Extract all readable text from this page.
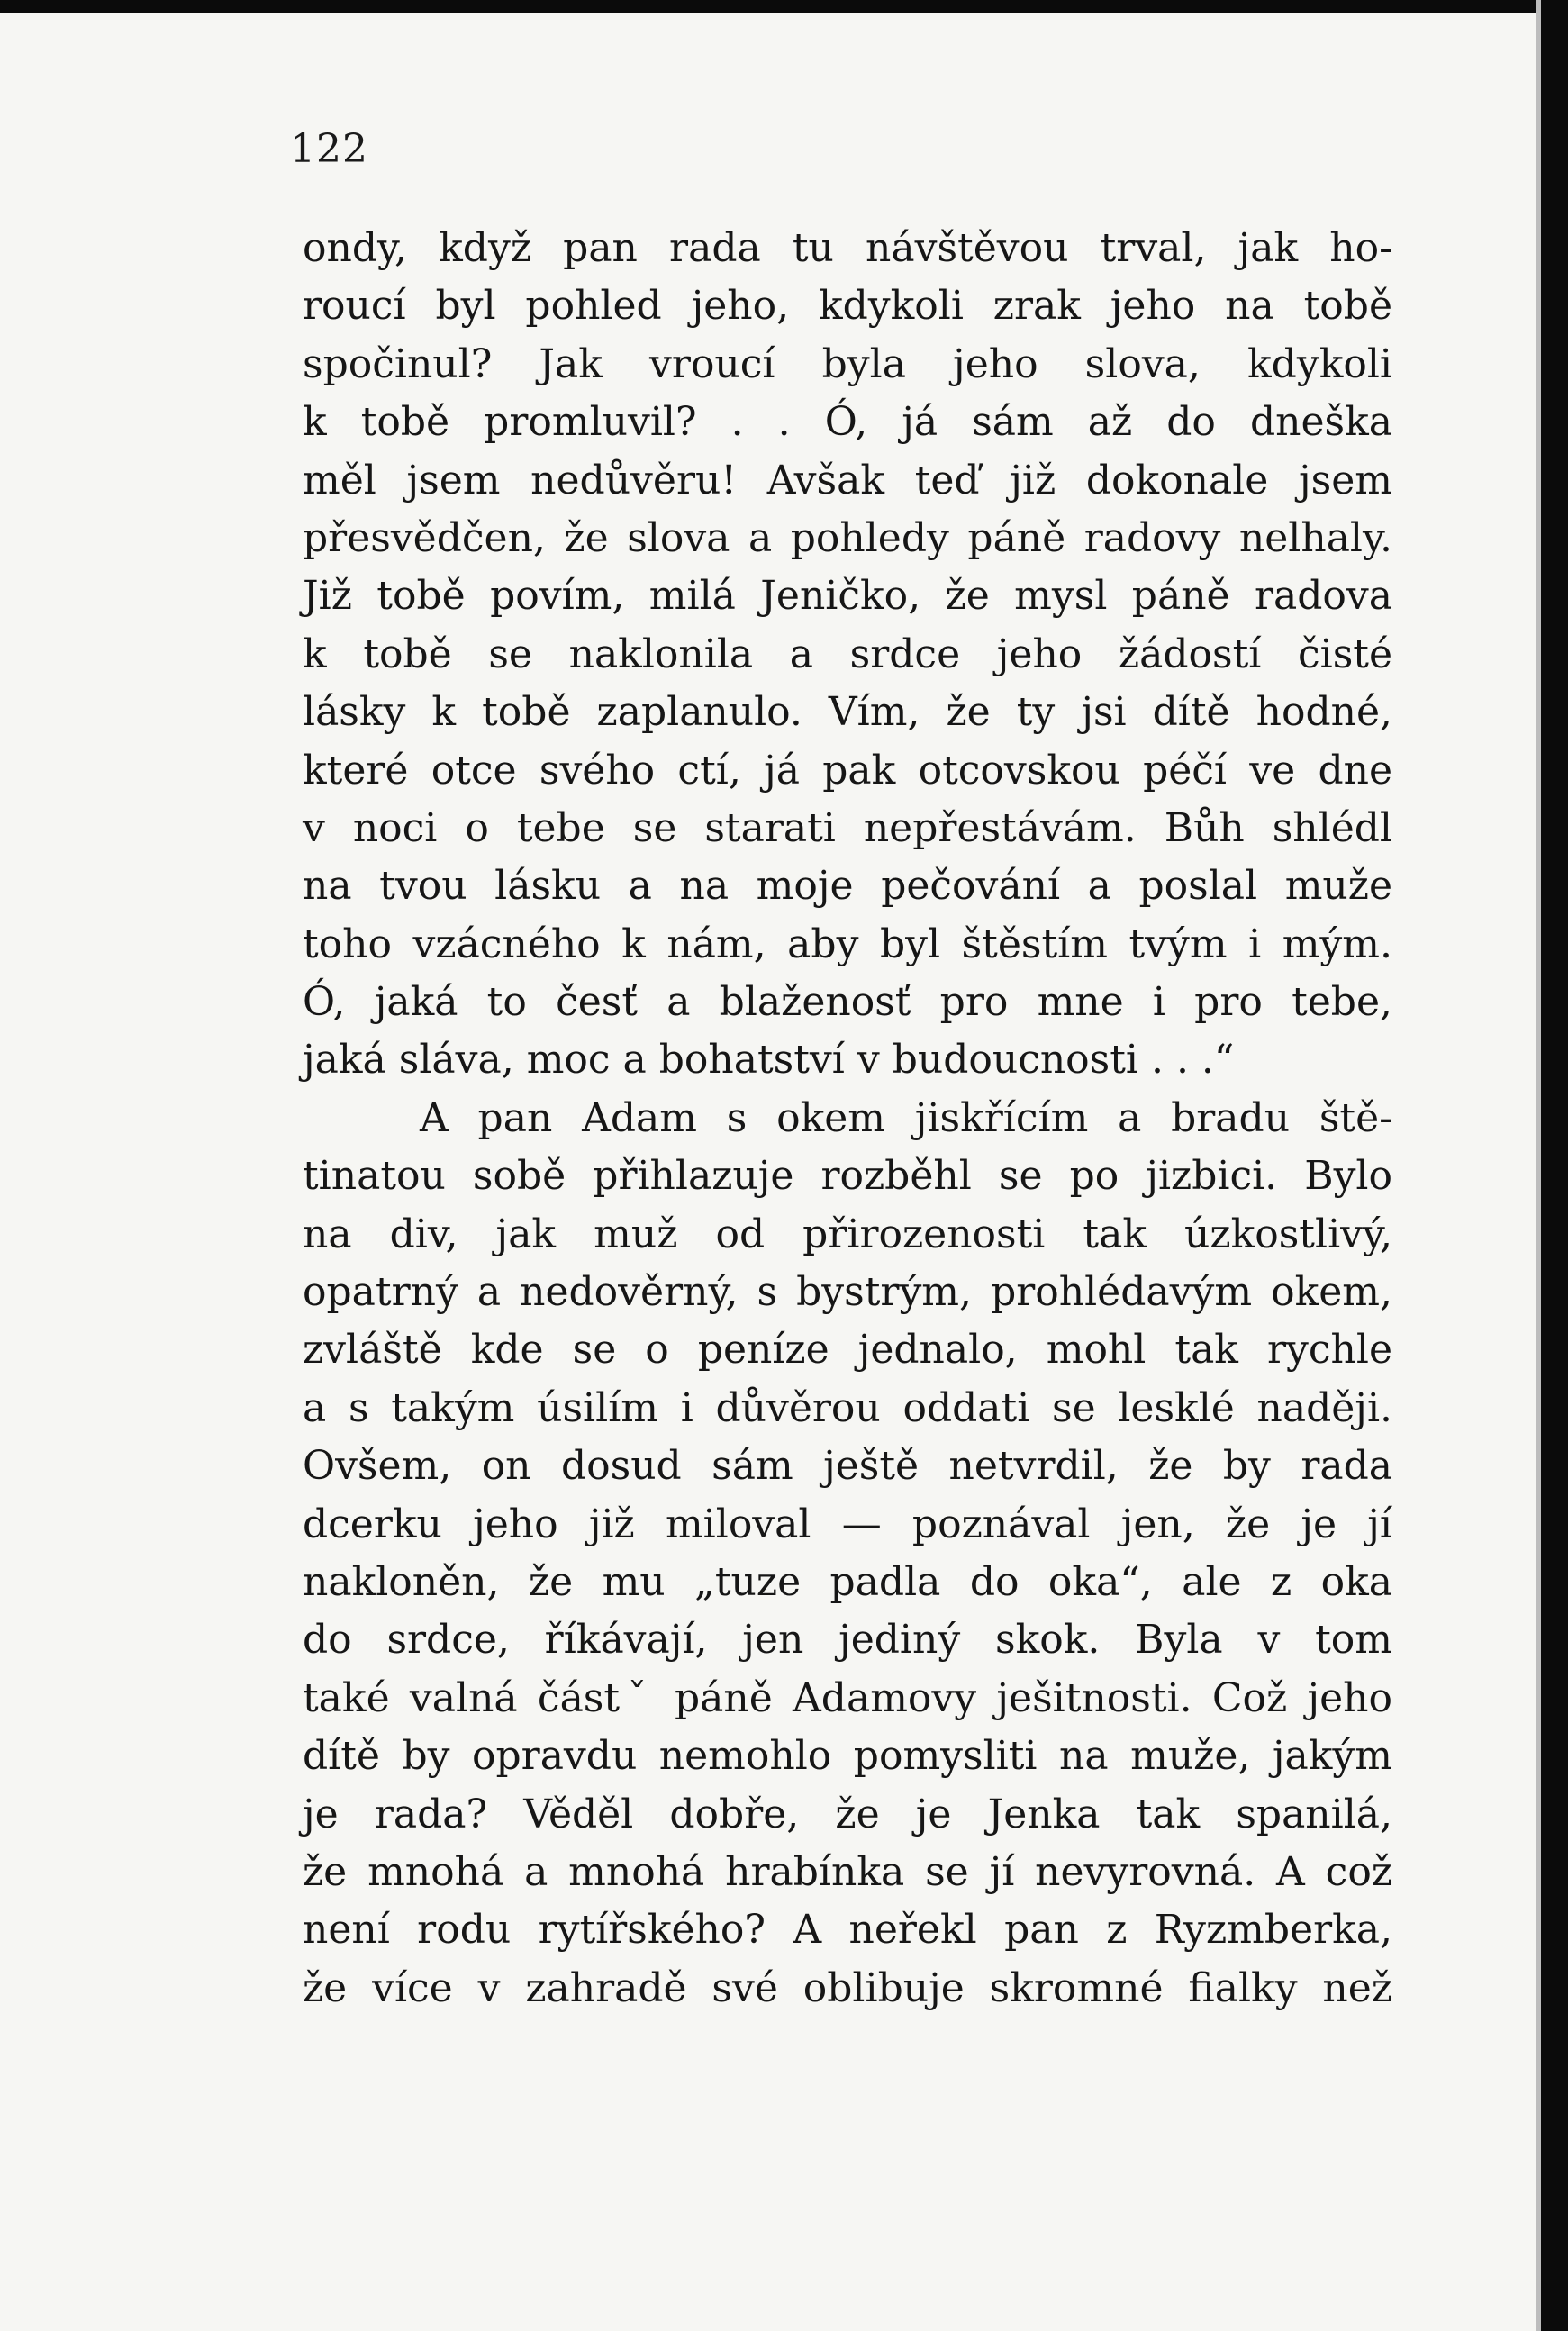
122
ondy, když pan rada tu návštěvou trval, jak ho-
roucí byl pohled jeho, kdykoli zrak jeho na tobě
spočinul? Jak vroucí byla jeho slova, kdykoli
k tobě promluvil? . . Ó, já sám až do dneška
měl jsem nedůvěru! Avšak teď již dokonale jsem
přesvědčen, že slova a pohledy páně radovy nelhaly.
Již tobě povím, milá Jeničko, že mysl páně radova
k tobě se naklonila a srdce jeho žádostí čisté
lásky k tobě zaplanulo. Vím, že ty jsi dítě hodné,
které otce svého ctí, já pak otcovskou péčí ve dne
v noci o tebe se starati nepřestávám. Bůh shlédl
na tvou lásku a na moje pečování a poslal muže
toho vzácného k nám, aby byl štěstím tvým i mým.
Ó, jaká to česť a blaženosť pro mne i pro tebe,
jaká sláva, moc a bohatství v budoucnosti . . .“
A pan Adam s okem jiskřícím a bradu ště-
tinatou sobě přihlazuje rozběhl se po jizbici. Bylo
na div, jak muž od přirozenosti tak úzkostlivý,
opatrný a nedověrný, s bystrým, prohlédavým okem,
zvláště kde se o peníze jednalo, mohl tak rychle
a s takým úsilím i důvěrou oddati se lesklé naději.
Ovšem, on dosud sám ještě netvrdil, že by rada
dcerku jeho již miloval — poznával jen, že je jí
nakloněn, že mu „tuze padla do oka“, ale z oka
do srdce, říkávají, jen jediný skok. Byla v tom
také valná částˇ páně Adamovy ješitnosti. Což jeho
dítě by opravdu nemohlo pomysliti na muže, jakým
je rada? Věděl dobře, že je Jenka tak spanilá,
že mnohá a mnohá hrabínka se jí nevyrovná. A což
není rodu rytířského? A neřekl pan z Ryzmberka,
že více v zahradě své oblibuje skromné fialky než
